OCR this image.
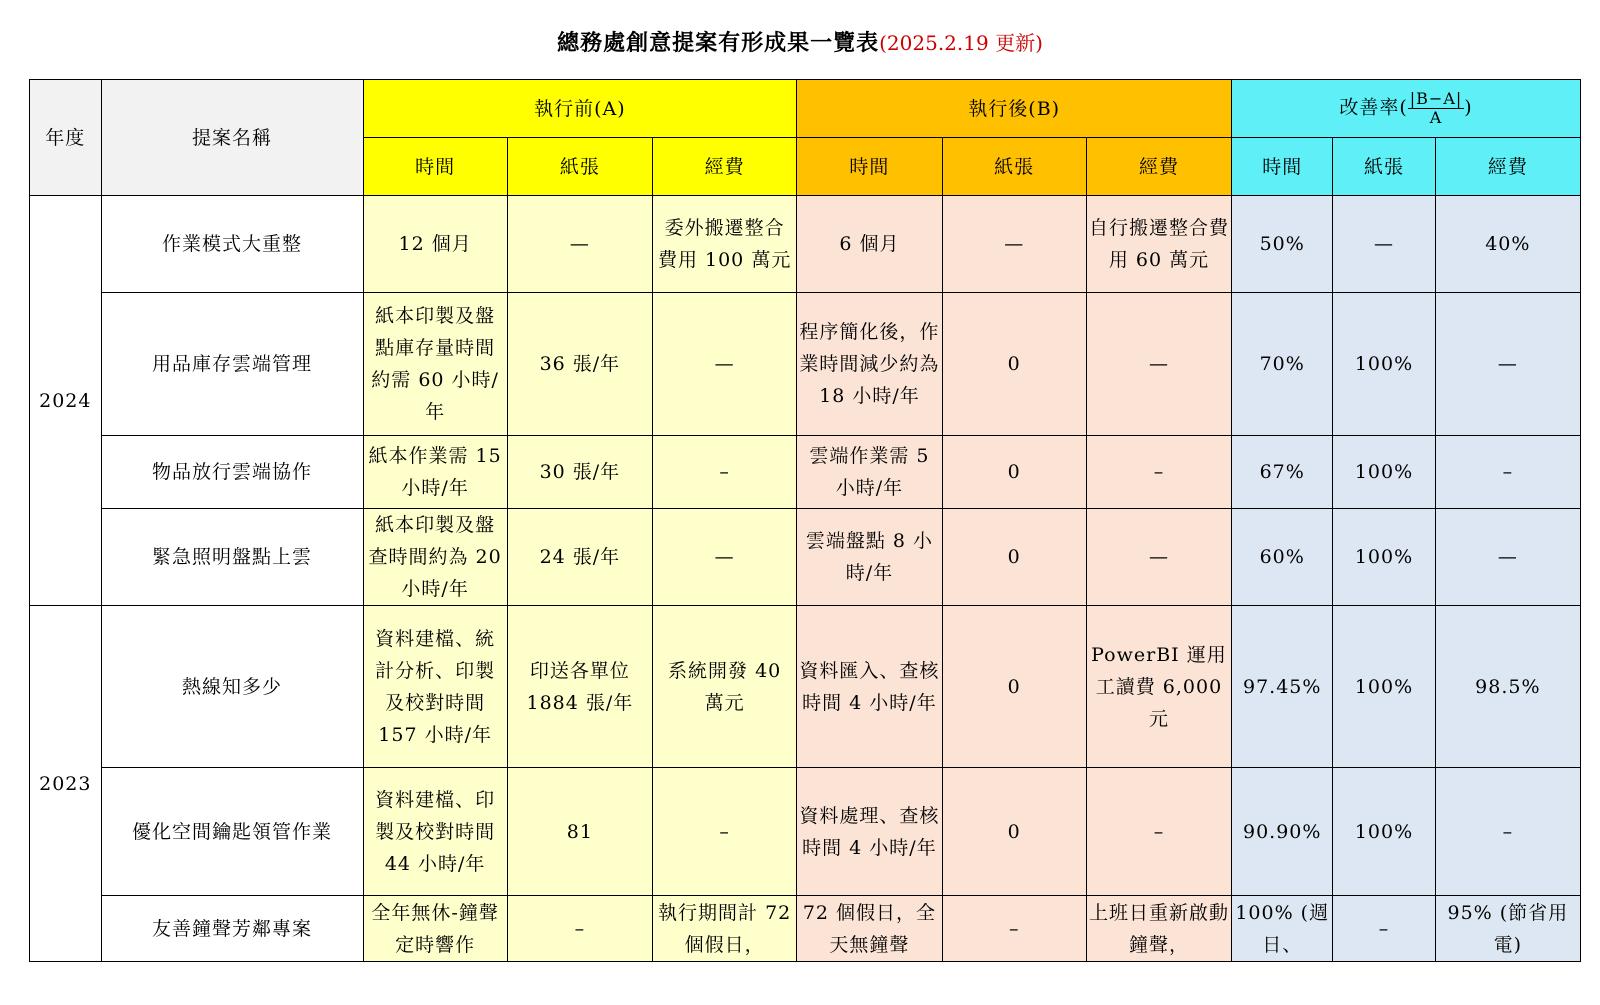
總務處創意提案有形成果一覽表(2025.2.19 更新)
年度	提案名稱	執行前(A)			執行後(B)			改善率( $\frac{|B-A|}{A}$ )		
		時間	紙張	經費	時間	紙張	經費	時間	紙張	經費
2024	作業模式大重整	12 個月	—	委外搬遷整合費用 100 萬元	6 個月	—	自行搬遷整合費用 60 萬元	50%	—	40%
	用品庫存雲端管理	紙本印製及盤點庫存量時間約需 60 小時/年	36 張/年	—	程序簡化後，作業時間減少約為 18 小時/年	0	—	70%	100%	—
	物品放行雲端協作	紙本作業需 15 小時/年	30 張/年	–	雲端作業需 5 小時/年	0	–	67%	100%	–
	緊急照明盤點上雲	紙本印製及盤查時間約為 20 小時/年	24 張/年	—	雲端盤點 8 小時/年	0	—	60%	100%	—
2023	熱線知多少	資料建檔、統計分析、印製及校對時間 157 小時/年	印送各單位 1884 張/年	系統開發 40 萬元	資料匯入、查核時間 4 小時/年	0	PowerBI 運用工讀費 6,000 元	97.45%	100%	98.5%
	優化空間鑰匙領管作業	資料建檔、印製及校對時間 44 小時/年	81	–	資料處理、查核時間 4 小時/年	0	–	90.90%	100%	–
	友善鐘聲芳鄰專案	全年無休-鐘聲定時響作	–	執行期間計 72 個假日，	72 個假日，全天無鐘聲	–	上班日重新啟動鐘聲，	100% (週日、	–	95% (節省用電)
